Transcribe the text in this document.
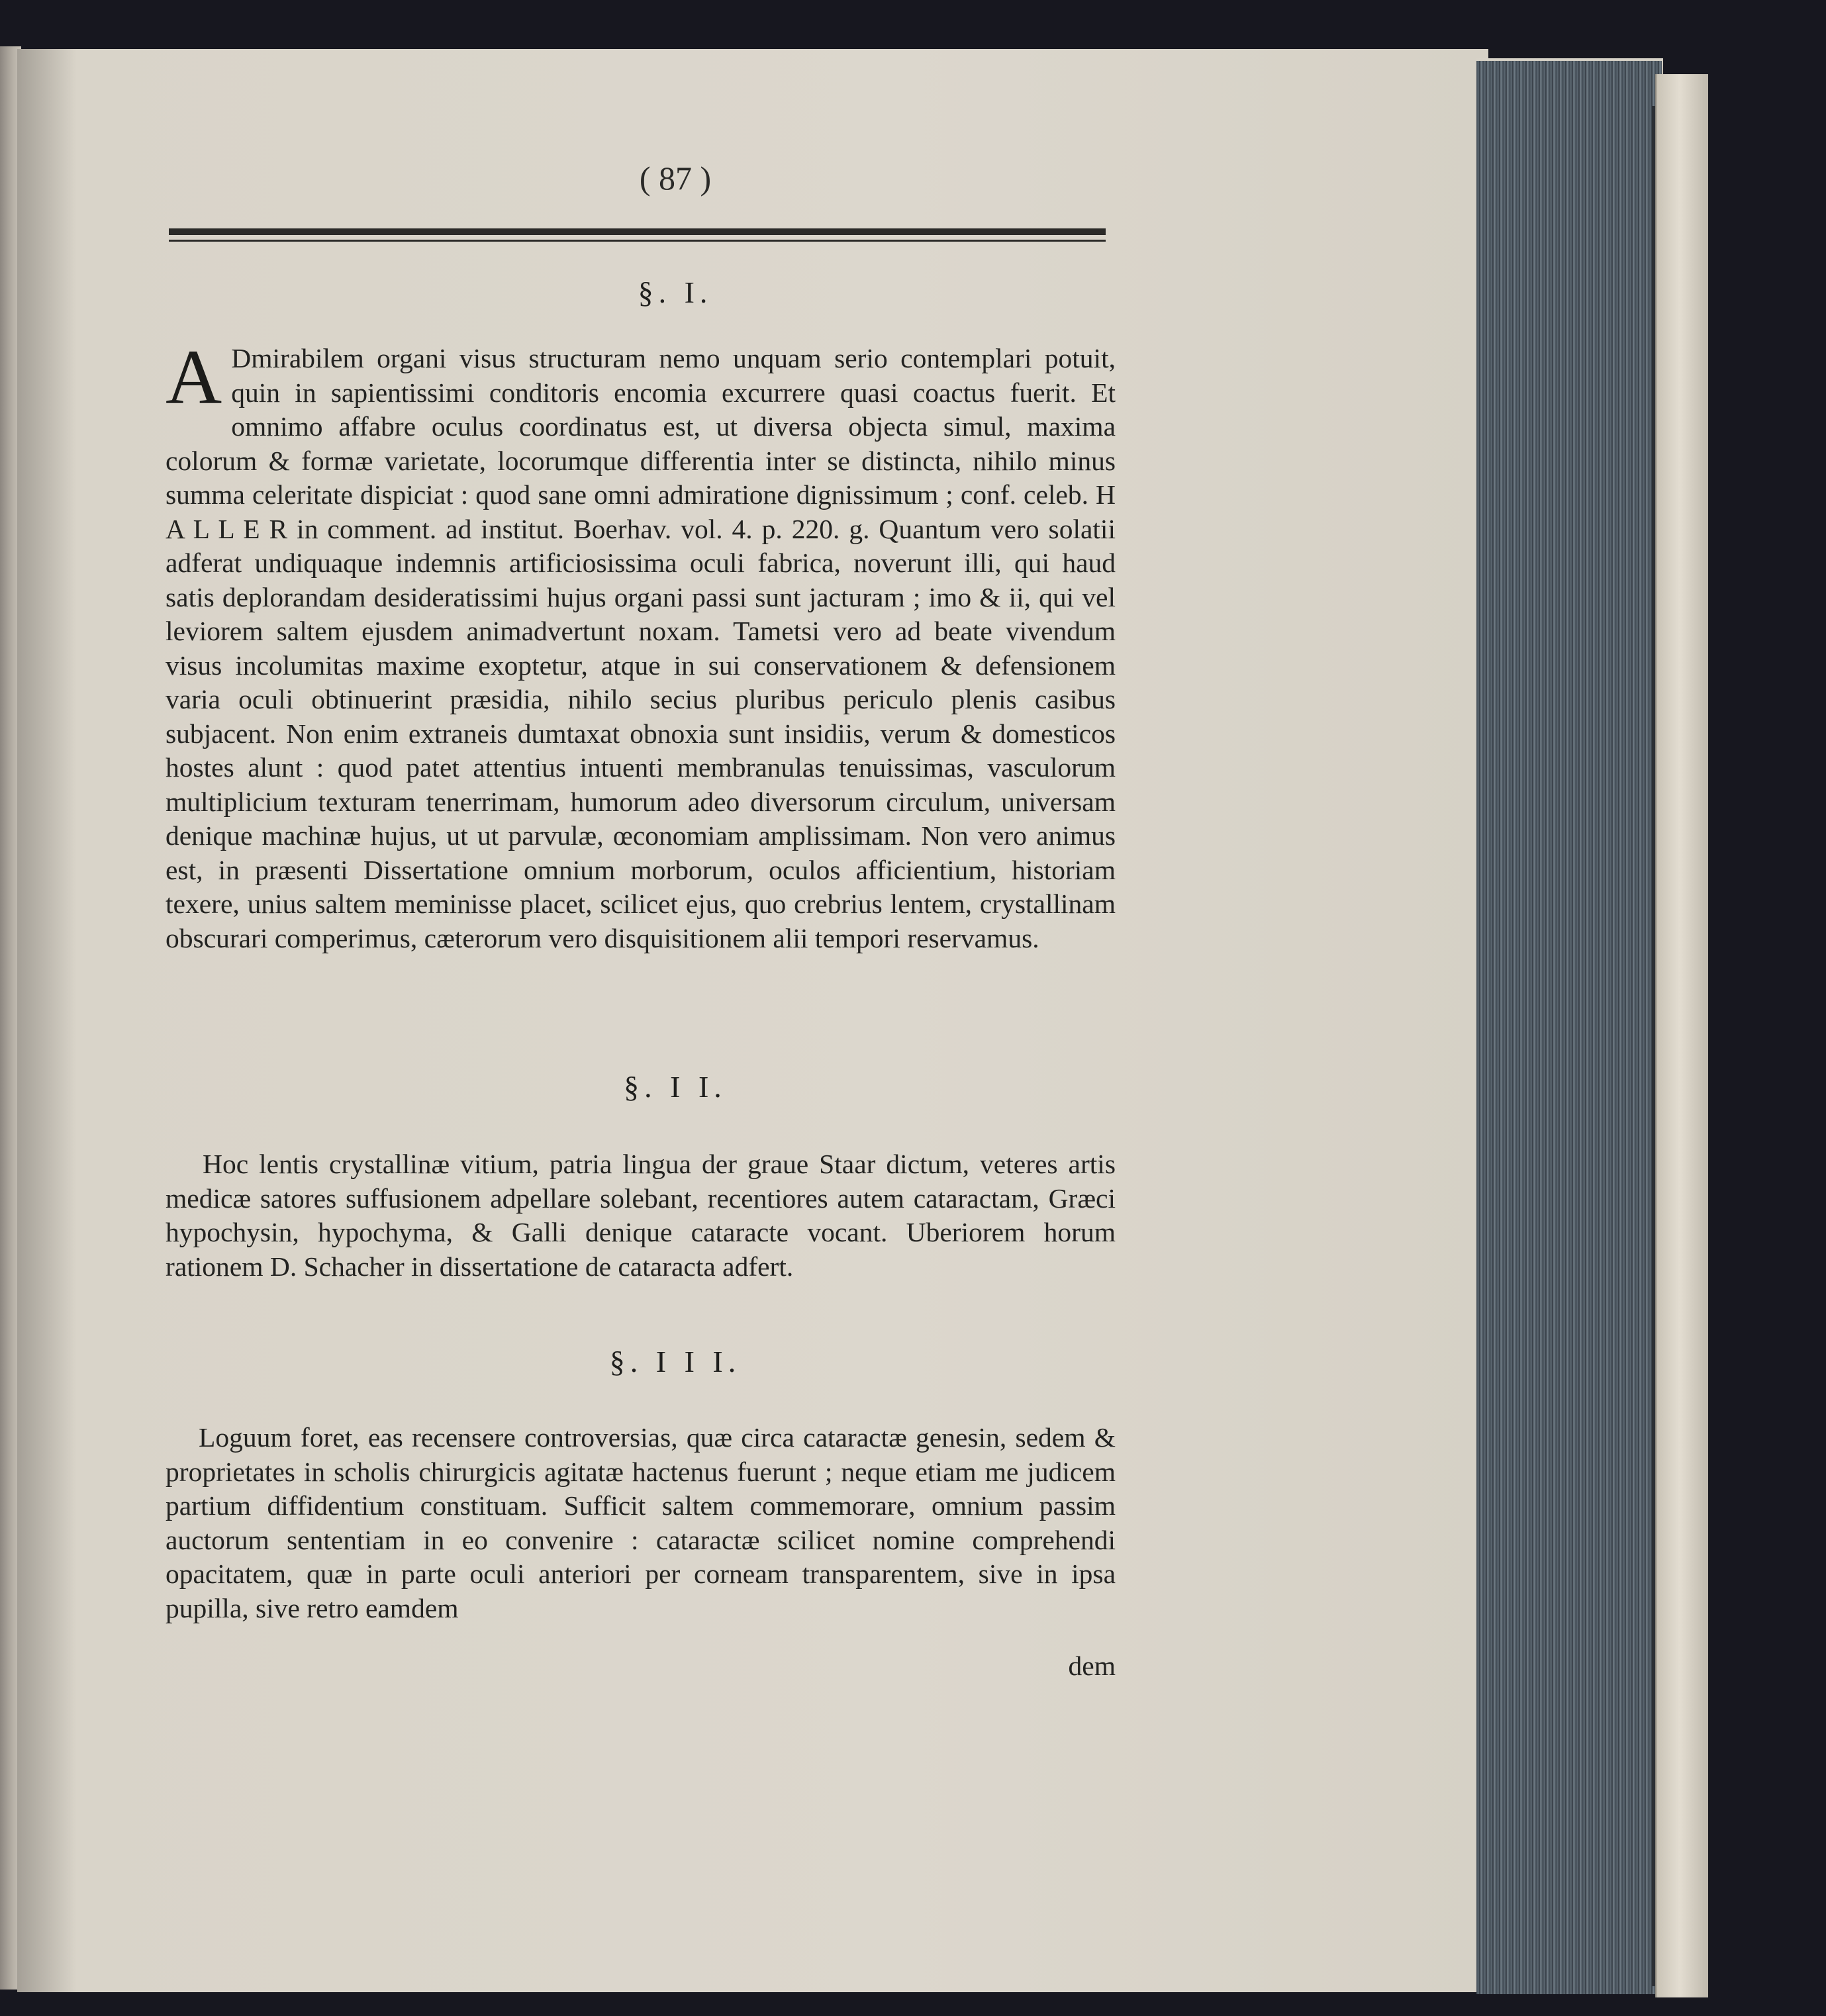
( 87 )
§. I.
A Dmirabilem organi visus structuram nemo unquam serio contemplari potuit, quin in sapientissimi conditoris encomia excurrere quasi coactus fuerit. Et omnimo affabre oculus coordinatus est, ut diversa objecta simul, maxima colorum & formæ varietate, locorumque differentia inter se distincta, nihilo minus summa celeritate dispiciat : quod sane omni admiratione dignissimum ; conf. celeb. H A L L E R in comment. ad institut. Boerhav. vol. 4. p. 220. g. Quantum vero solatii adferat undiquaque indemnis artificiosissima oculi fabrica, noverunt illi, qui haud satis deplorandam desideratissimi hujus organi passi sunt jacturam ; imo & ii, qui vel leviorem saltem ejusdem animadvertunt noxam. Tametsi vero ad beate vivendum visus incolumitas maxime exoptetur, atque in sui conservationem & defensionem varia oculi obtinuerint præsidia, nihilo secius pluribus periculo plenis casibus subjacent. Non enim extraneis dumtaxat obnoxia sunt insidiis, verum & domesticos hostes alunt : quod patet attentius intuenti membranulas tenuissimas, vasculorum multiplicium texturam tenerrimam, humorum adeo diversorum circulum, universam denique machinæ hujus, ut ut parvulæ, œconomiam amplissimam. Non vero animus est, in præsenti Dissertatione omnium morborum, oculos afficientium, historiam texere, unius saltem meminisse placet, scilicet ejus, quo crebrius lentem, crystallinam obscurari comperimus, cæterorum vero disquisitionem alii tempori reservamus.
§. I I.
Hoc lentis crystallinæ vitium, patria lingua der graue Staar dictum, veteres artis medicæ satores suffusionem adpellare solebant, recentiores autem cataractam, Græci hypochysin, hypochyma, & Galli denique cataracte vocant. Uberiorem horum rationem D. Schacher in dissertatione de cataracta adfert.
§. I I I.
Loguum foret, eas recensere controversias, quæ circa cataractæ genesin, sedem & proprietates in scholis chirurgicis agitatæ hactenus fuerunt ; neque etiam me judicem partium diffidentium constituam. Sufficit saltem commemorare, omnium passim auctorum sententiam in eo convenire : cataractæ scilicet nomine comprehendi opacitatem, quæ in parte oculi anteriori per corneam transparentem, sive in ipsa pupilla, sive retro eamdem
dem
